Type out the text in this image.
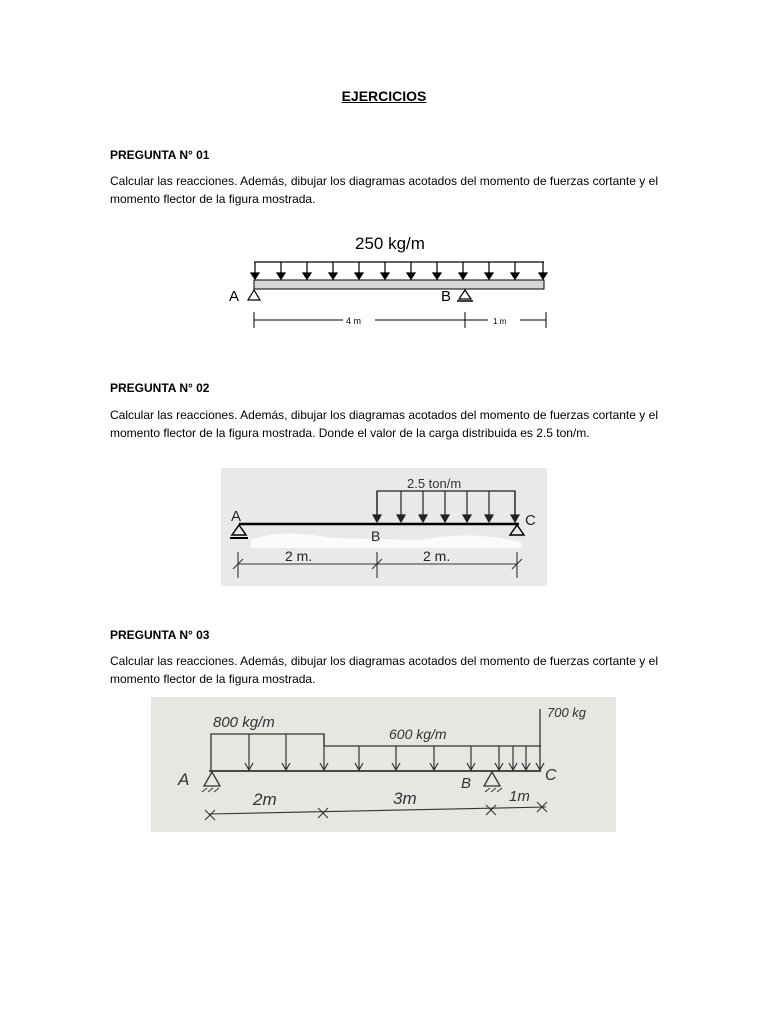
EJERCICIOS

PREGUNTA N° 01

Calcular las reacciones. Además, dibujar los diagramas acotados del momento de fuerzas cortante y el momento flector de la figura mostrada.

250 kg/m
A	B
4 m	1 m

PREGUNTA N° 02

Calcular las reacciones. Además, dibujar los diagramas acotados del momento de fuerzas cortante y el momento flector de la figura mostrada. Donde el valor de la carga distribuida es 2.5 ton/m.

2.5 ton/m
A
B
C
2 m.	2 m.

PREGUNTA N° 03

Calcular las reacciones. Además, dibujar los diagramas acotados del momento de fuerzas cortante y el momento flector de la figura mostrada.

800 kg/m
600 kg/m
700 kg
A	B	C
2m	3m	1m
